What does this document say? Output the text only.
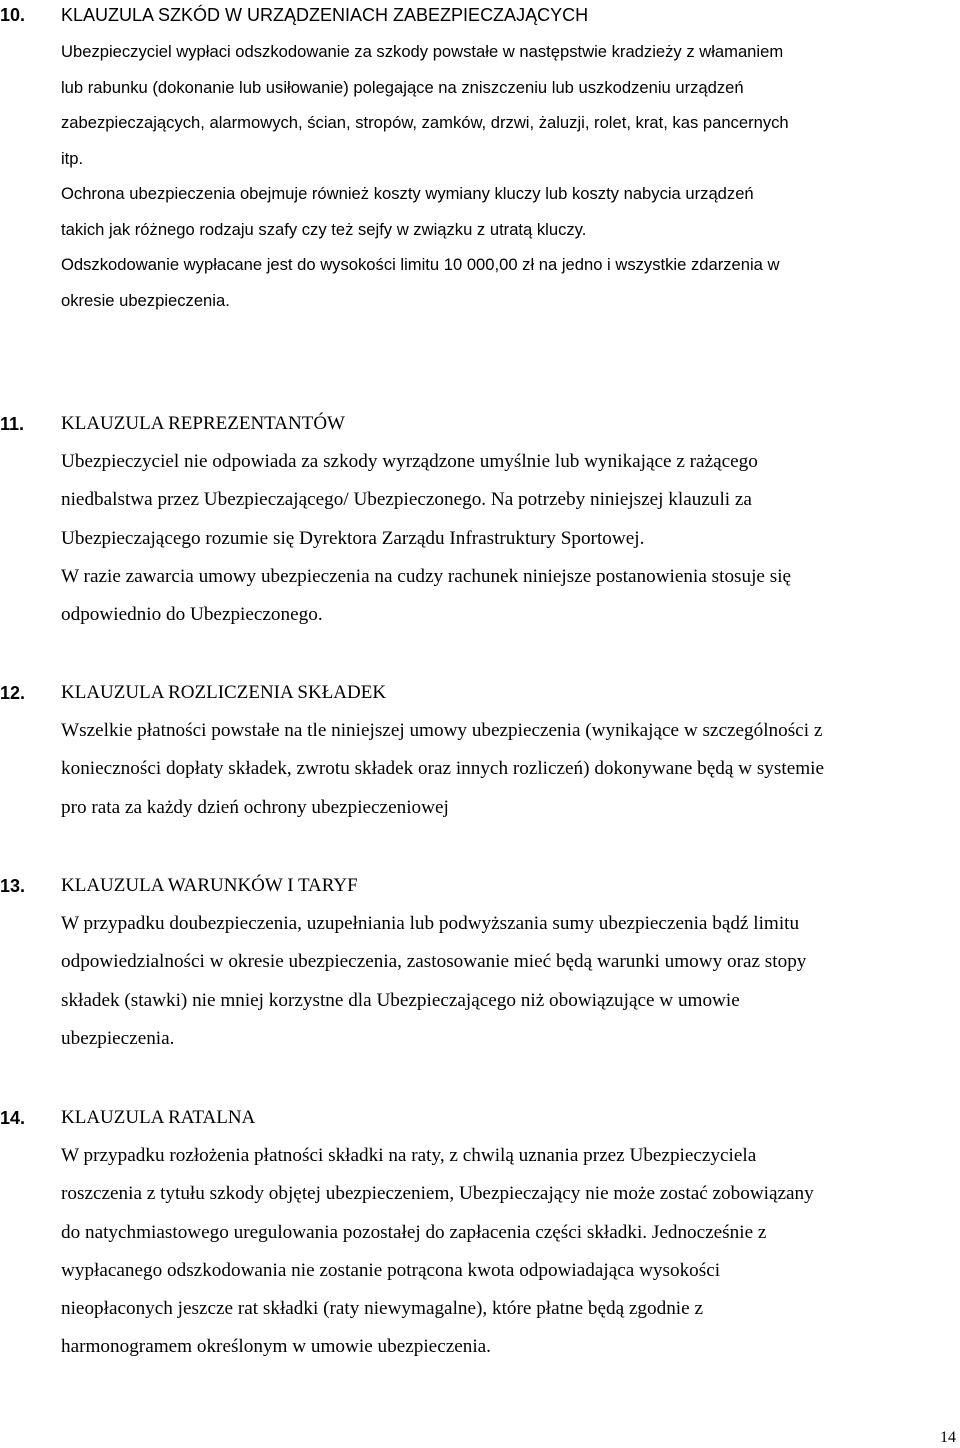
10. KLAUZULA SZKÓD W URZĄDZENIACH ZABEZPIECZAJĄCYCH

Ubezpieczyciel wypłaci odszkodowanie za szkody powstałe w następstwie kradzieży z włamaniem
lub rabunku (dokonanie lub usiłowanie) polegające na zniszczeniu lub uszkodzeniu urządzeń
zabezpieczających, alarmowych, ścian, stropów, zamków, drzwi, żaluzji, rolet, krat, kas pancernych
itp.

Ochrona ubezpieczenia obejmuje również koszty wymiany kluczy lub koszty nabycia urządzeń
takich jak różnego rodzaju szafy czy też sejfy w związku z utratą kluczy.

Odszkodowanie wypłacane jest do wysokości limitu 10 000,00 zł na jedno i wszystkie zdarzenia w
okresie ubezpieczenia.

11. KLAUZULA REPREZENTANTÓW

Ubezpieczyciel nie odpowiada za szkody wyrządzone umyślnie lub wynikające z rażącego
niedbalstwa przez Ubezpieczającego/ Ubezpieczonego. Na potrzeby niniejszej klauzuli za
Ubezpieczającego rozumie się Dyrektora Zarządu Infrastruktury Sportowej.

W razie zawarcia umowy ubezpieczenia na cudzy rachunek niniejsze postanowienia stosuje się
odpowiednio do Ubezpieczonego.

12. KLAUZULA ROZLICZENIA SKŁADEK

Wszelkie płatności powstałe na tle niniejszej umowy ubezpieczenia (wynikające w szczególności z
konieczności dopłaty składek, zwrotu składek oraz innych rozliczeń) dokonywane będą w systemie
pro rata za każdy dzień ochrony ubezpieczeniowej

13. KLAUZULA WARUNKÓW I TARYF

W przypadku doubezpieczenia, uzupełniania lub podwyższania sumy ubezpieczenia bądź limitu
odpowiedzialności w okresie ubezpieczenia, zastosowanie mieć będą warunki umowy oraz stopy
składek (stawki) nie mniej korzystne dla Ubezpieczającego niż obowiązujące w umowie
ubezpieczenia.

14. KLAUZULA RATALNA

W przypadku rozłożenia płatności składki na raty, z chwilą uznania przez Ubezpieczyciela
roszczenia z tytułu szkody objętej ubezpieczeniem, Ubezpieczający nie może zostać zobowiązany
do natychmiastowego uregulowania pozostałej do zapłacenia części składki. Jednocześnie z
wypłacanego odszkodowania nie zostanie potrącona kwota odpowiadająca wysokości
nieopłaconych jeszcze rat składki (raty niewymagalne), które płatne będą zgodnie z
harmonogramem określonym w umowie ubezpieczenia.

14
